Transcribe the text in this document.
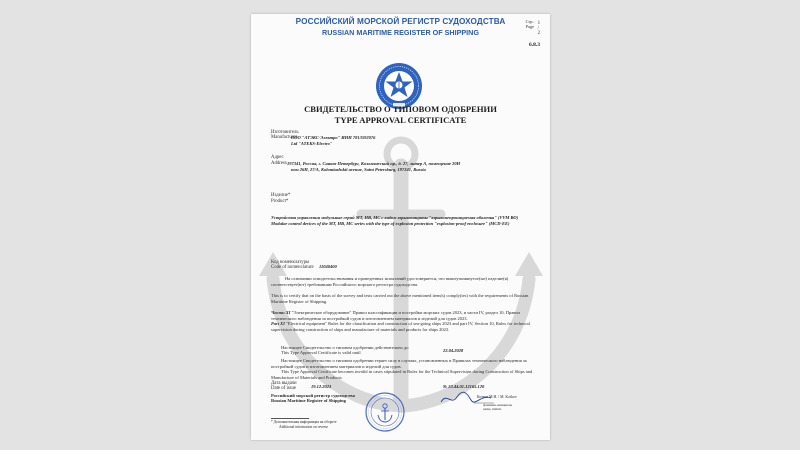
РОССИЙСКИЙ МОРСКОЙ РЕГИСТР СУДОХОДСТВА
RUSSIAN MARITIME REGISTER OF SHIPPING
Стр.
Page
1 / 2
6.8.3
СВИДЕТЕЛЬСТВО О ТИПОВОМ ОДОБРЕНИИ
TYPE APPROVAL CERTIFICATE
Изготовитель
Manufacturer
ООО "АТЭКС-Электро" ИНН 7813592076
Ltd "ATEKS-Electro"
Адрес
Address 197341, Россия, г. Санкт-Петербург, Коломяжский пр., д. 27, литер А, помещение 20Н
пом 26Н, 27/А, Kolomiazhskii avenue, Saint Petersburg, 197341, Russia
Изделие*
Product*
Устройства управления модульные серий МТ, НВ, МС с видом взрывозащиты "взрывонепроницаемая оболочка" (VVM ВО)
Modular control devices of the MT, HB, MC series with the type of explosion protection "explosion-proof enclosure" (MCD-EE)
Код номенклатуры
Code of nomenclature 11040400
На основании освидетельствования и проведенных испытаний удостоверяется, что вышеупомянутое(ые) изделие(я) соответствует(ют) требованиям Российского морского регистра судоходства.
This is to certify that on the basis of the survey and tests carried out the above mentioned item(s) comply(ies) with the requirements of Russian Maritime Register of Shipping.
Части XI "Электрическое оборудование" Правил классификации и постройки морских судов 2023, и части IV, раздел 10, Правил технического наблюдения за постройкой судов и изготовлением материалов и изделий для судов 2023.
Part XI "Electrical equipment" Rules for the classification and construction of sea-going ships 2023 and part IV, Section 10, Rules for technical supervision during construction of ships and manufacture of materials and products for ships 2023.
Настоящее Свидетельство о типовом одобрении действительно до
This Type Approval Certificate is valid until	22.04.2028
Настоящее Свидетельство о типовом одобрении теряет силу в случаях, установленных в Правилах технического наблюдения за постройкой судов и изготовлением материалов и изделий для судов.
This Type Approval Certificate becomes invalid in cases stipulated in Rules for the Technical Supervision during Construction of Ships and Manufacture of Materials and Products.
Дата выдачи
Date of issue	19.12.2023	№ 23.44.01.12165.120
Российский морской регистр судоходства
Russian Maritime Register of Shipping
Котков М.Н. / M. Kotkov
фамилия, инициалы
name, initials
* Дополнительная информация на обороте
Additional information on reverse
